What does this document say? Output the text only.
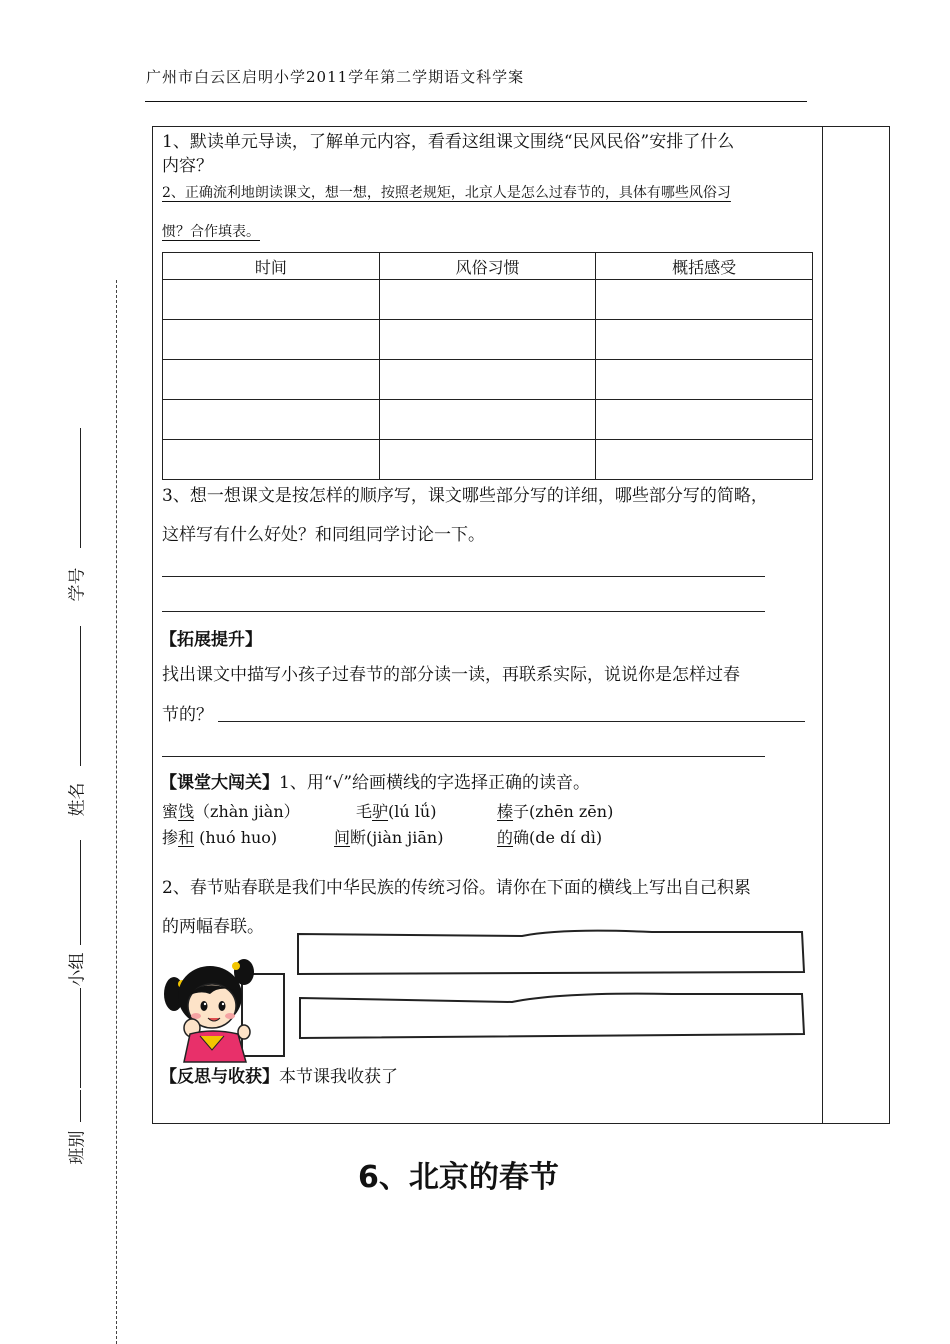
广州市白云区启明小学2011学年第二学期语文科学案
学号
姓名
小组
班别
1、默读单元导读，了解单元内容，看看这组课文围绕“民风民俗”安排了什么
内容？
2、正确流利地朗读课文，想一想，按照老规矩，北京人是怎么过春节的，具体有哪些风俗习
惯？合作填表。
时间	风俗习惯	概括感受

3、想一想课文是按怎样的顺序写，课文哪些部分写的详细，哪些部分写的简略，
这样写有什么好处？和同组同学讨论一下。
【拓展提升】
找出课文中描写小孩子过春节的部分读一读，再联系实际，说说你是怎样过春
节的？
【课堂大闯关】1、用“√”给画横线的字选择正确的读音。
蜜饯（zhàn jiàn）	毛驴(lú lǘ)	榛子(zhēn zēn)
掺和 (huó huo)	间断(jiàn jiān)	的确(de dí dì)
2、春节贴春联是我们中华民族的传统习俗。请你在下面的横线上写出自己积累
的两幅春联。
【反思与收获】本节课我收获了
6、北京的春节
